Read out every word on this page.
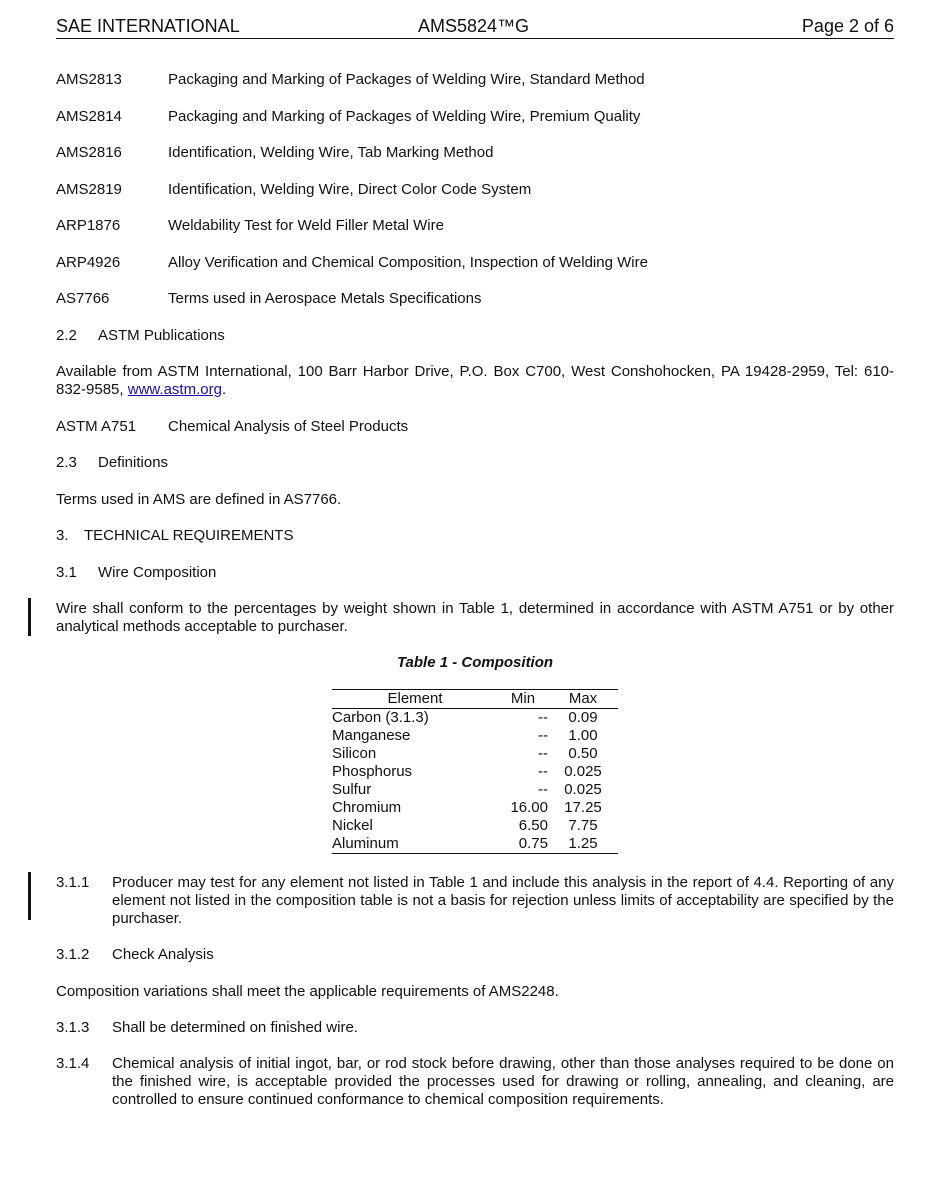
SAE INTERNATIONAL	AMS5824™G	Page 2 of 6
AMS2813	Packaging and Marking of Packages of Welding Wire, Standard Method
AMS2814	Packaging and Marking of Packages of Welding Wire, Premium Quality
AMS2816	Identification, Welding Wire, Tab Marking Method
AMS2819	Identification, Welding Wire, Direct Color Code System
ARP1876	Weldability Test for Weld Filler Metal Wire
ARP4926	Alloy Verification and Chemical Composition, Inspection of Welding Wire
AS7766	Terms used in Aerospace Metals Specifications
2.2 ASTM Publications
Available from ASTM International, 100 Barr Harbor Drive, P.O. Box C700, West Conshohocken, PA 19428-2959, Tel: 610-832-9585, www.astm.org.
ASTM A751 Chemical Analysis of Steel Products
2.3 Definitions
Terms used in AMS are defined in AS7766.
3. TECHNICAL REQUIREMENTS
3.1 Wire Composition
Wire shall conform to the percentages by weight shown in Table 1, determined in accordance with ASTM A751 or by other analytical methods acceptable to purchaser.
Table 1 - Composition
Element	Min	Max
Carbon (3.1.3)	--	0.09
Manganese	--	1.00
Silicon	--	0.50
Phosphorus	--	0.025
Sulfur	--	0.025
Chromium	16.00	17.25
Nickel	6.50	7.75
Aluminum	0.75	1.25
3.1.1 Producer may test for any element not listed in Table 1 and include this analysis in the report of 4.4. Reporting of any element not listed in the composition table is not a basis for rejection unless limits of acceptability are specified by the purchaser.
3.1.2 Check Analysis
Composition variations shall meet the applicable requirements of AMS2248.
3.1.3 Shall be determined on finished wire.
3.1.4 Chemical analysis of initial ingot, bar, or rod stock before drawing, other than those analyses required to be done on the finished wire, is acceptable provided the processes used for drawing or rolling, annealing, and cleaning, are controlled to ensure continued conformance to chemical composition requirements.
